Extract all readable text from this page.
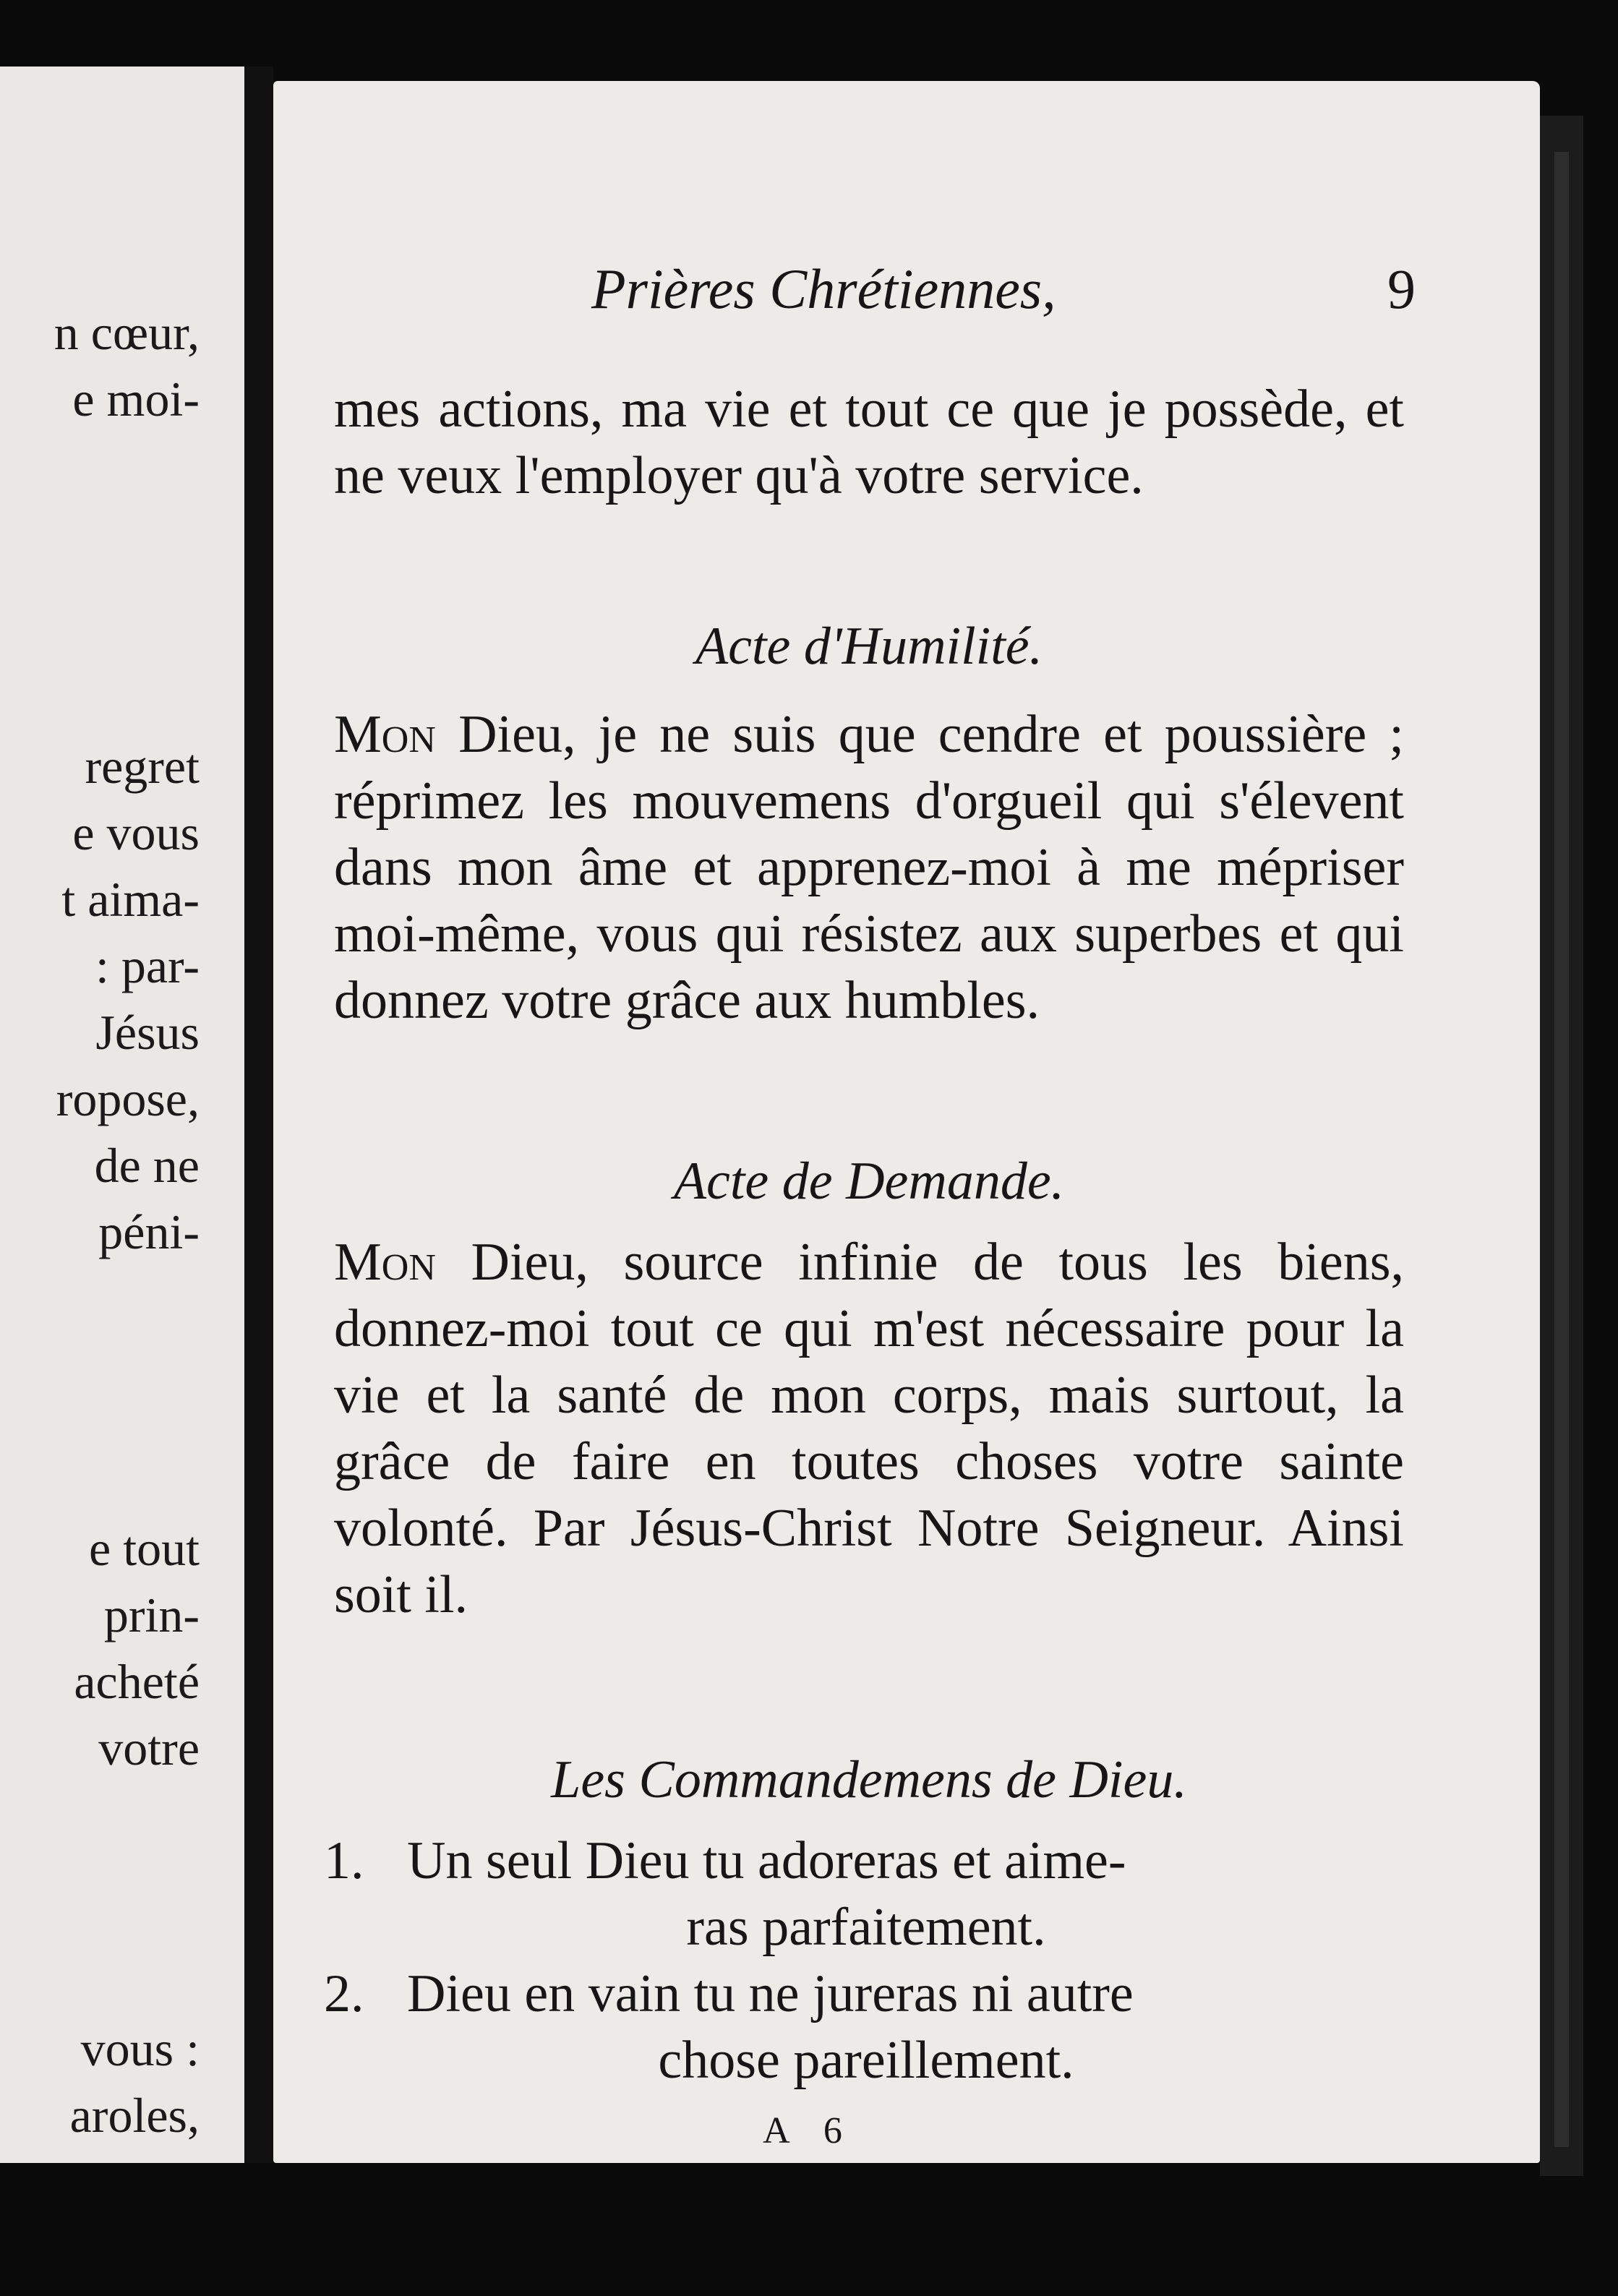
n cœur,
e moi-
regret
e vous
t aima-
: par-
Jésus
ropose,
de ne
péni-
e tout
prin-
acheté
votre
vous :
aroles,
Prières Chrétiennes,	9

mes actions, ma vie et tout ce que je possède, et ne veux l'employer qu'à votre service.

Acte d'Humilité.

Mon Dieu, je ne suis que cendre et poussière ; réprimez les mouvemens d'orgueil qui s'élevent dans mon âme et apprenez-moi à me mépriser moi-même, vous qui résistez aux superbes et qui donnez votre grâce aux humbles.

Acte de Demande.

Mon Dieu, source infinie de tous les biens, donnez-moi tout ce qui m'est nécessaire pour la vie et la santé de mon corps, mais surtout, la grâce de faire en toutes choses votre sainte volonté. Par Jésus-Christ Notre Seigneur. Ainsi soit il.

Les Commandemens de Dieu.

1. Un seul Dieu tu adoreras et aime-
ras parfaitement.
2. Dieu en vain tu ne jureras ni autre
chose pareillement.
A 6
